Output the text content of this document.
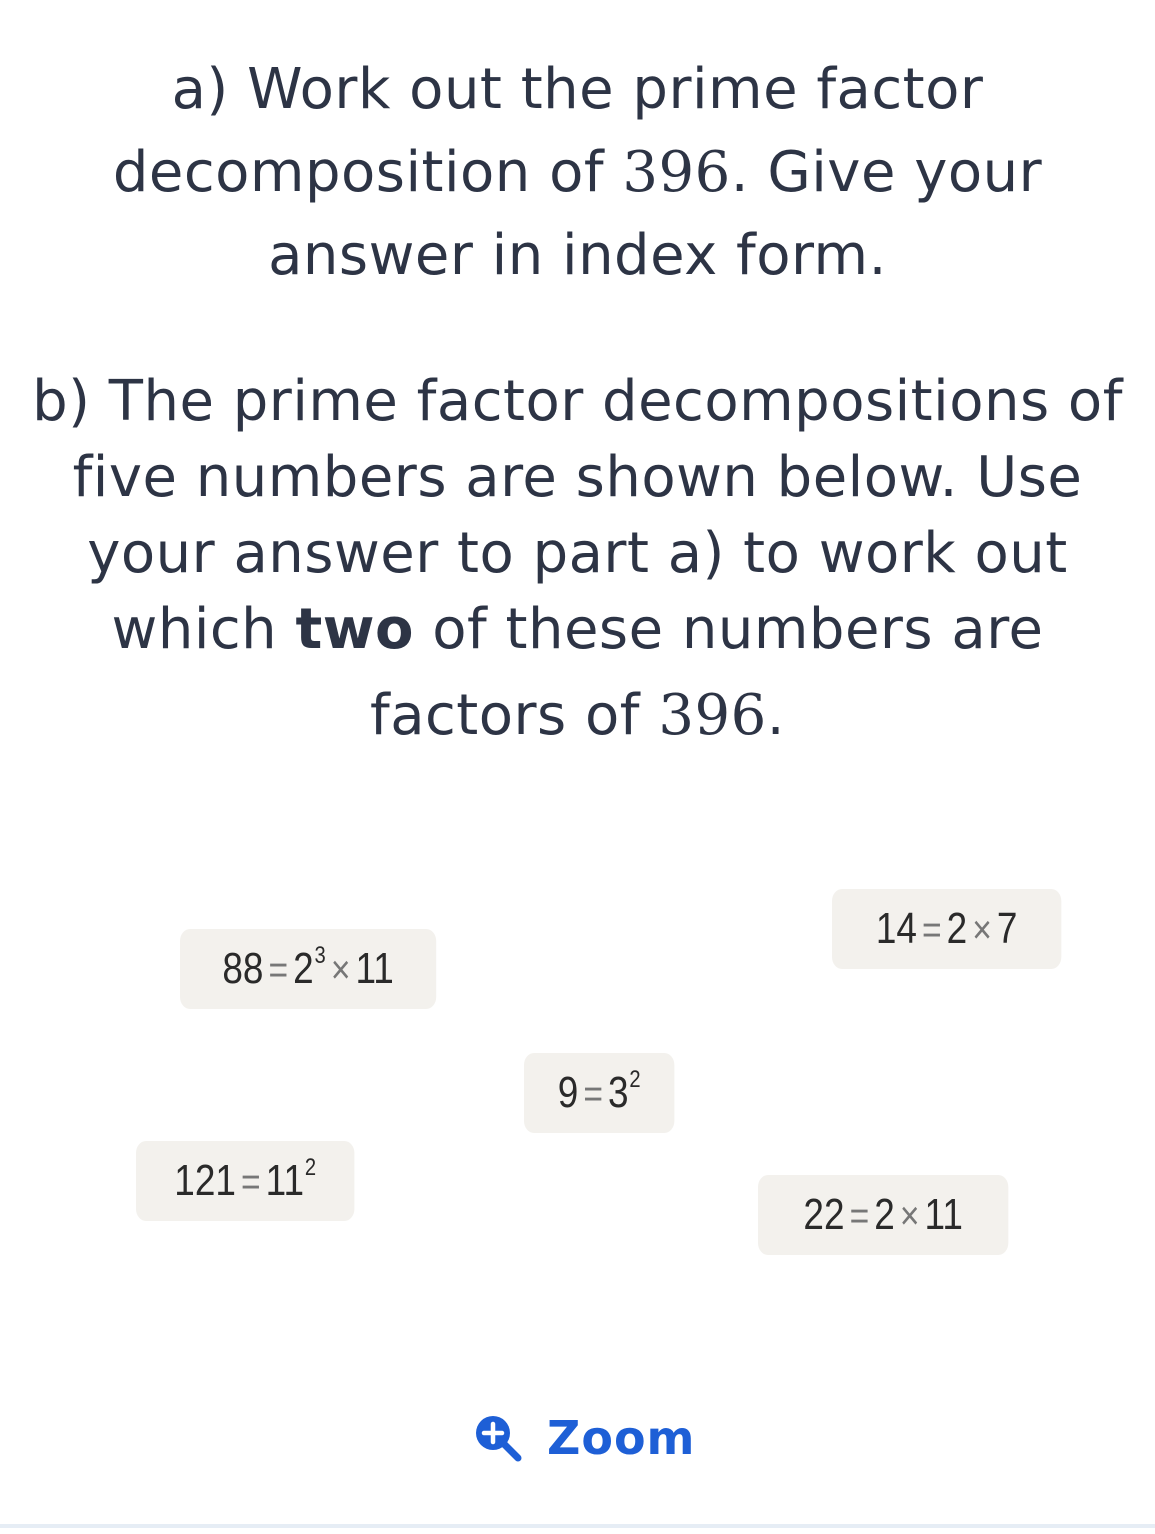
a) Work out the prime factor
decomposition of 396. Give your
answer in index form.
b) The prime factor decompositions of
five numbers are shown below. Use
your answer to part a) to work out
which two of these numbers are
factors of 396.
88 = 2 3 × 11
14 = 2 × 7
9 = 3 2
121 = 11 2
22 = 2 × 11
Zoom
